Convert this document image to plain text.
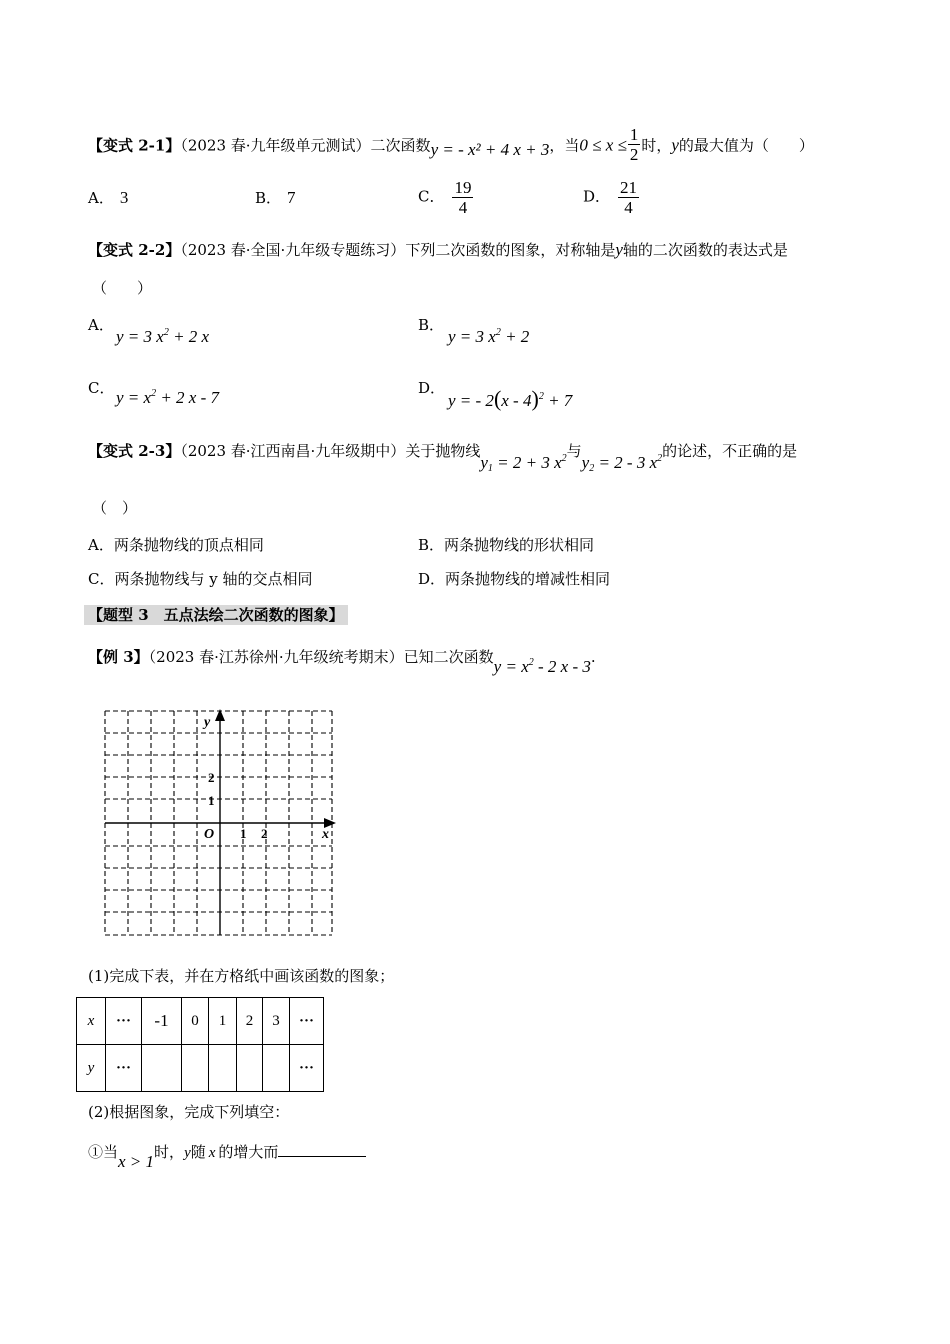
【变式 2-1】（2023 春·九年级单元测试）二次函数y = - x² + 4 x + 3，当$0 \le x \le \frac{1}{2}$ 时，y的最大值为（　　）
A． 3	B． 7	C． $\frac{19}{4}$	D． $\frac{21}{4}$
【变式 2-2】（2023 春·全国·九年级专题练习）下列二次函数的图象，对称轴是y轴的二次函数的表达式是
（　　）
A．
y = 3 $x^2 + 2$ x
B．
y = 3 $x^2 + 2$
C． $y = x^2 + 2$ x - 7	D．
y = - 2(x - 4)$^2$ + 7
【变式 2-3】（2023 春·江西南昌·九年级期中）关于抛物线$y_1 = 2 + 3$ $x^2$与$y_2 = 2 - 3$ $x^2$的论述，不正确的是
（　）
A．两条抛物线的顶点相同	B．两条抛物线的形状相同
C．两条抛物线与 y 轴的交点相同	D．两条抛物线的增减性相同
【题型 3　五点法绘二次函数的图象】
【例 3】（2023 春·江苏徐州·九年级统考期末）已知二次函数$y = x^2 - 2$ x - 3.
y
x
O 1 2
1
2
(1)完成下表，并在方格纸中画该函数的图象；
x	···	-1	0	1	2	3	···
y	···						···
(2)根据图象，完成下列填空：
①当x > 1时，y随 x 的增大而
